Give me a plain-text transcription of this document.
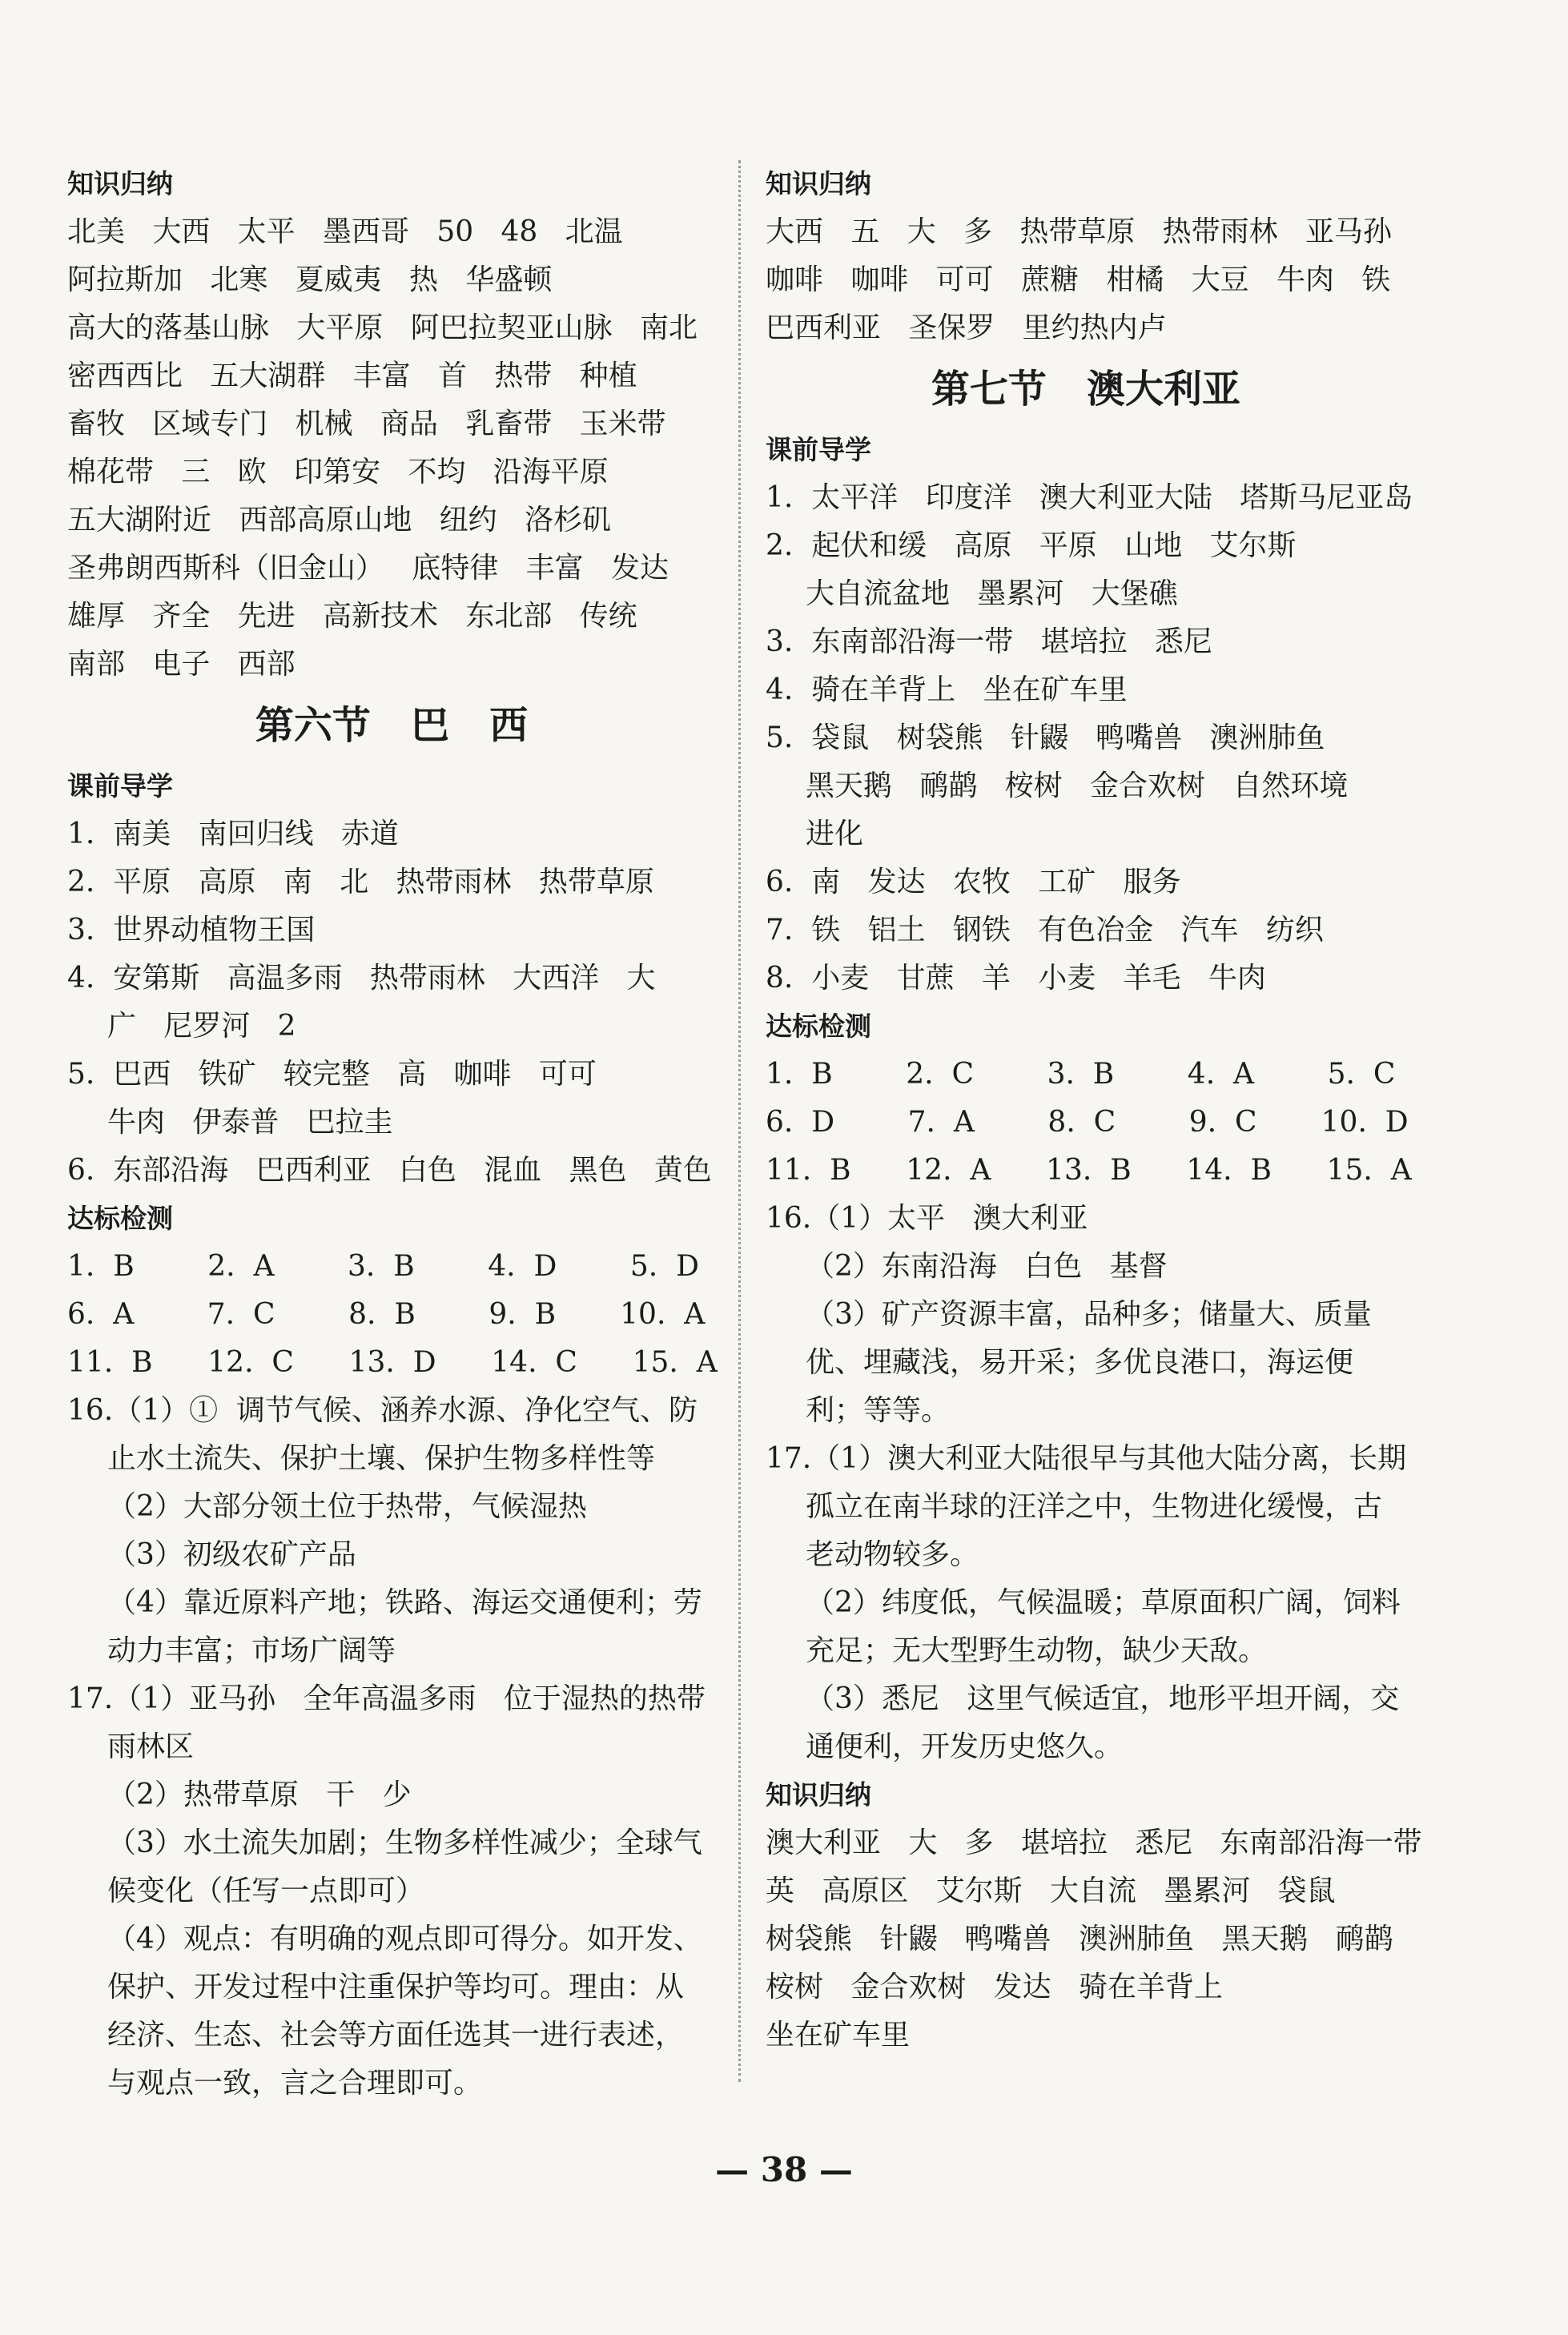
知识归纳
北美   大西   太平   墨西哥   50   48   北温
阿拉斯加   北寒   夏威夷   热   华盛顿
高大的落基山脉   大平原   阿巴拉契亚山脉   南北
密西西比   五大湖群   丰富   首   热带   种植
畜牧   区域专门   机械   商品   乳畜带   玉米带
棉花带   三   欧   印第安   不均   沿海平原
五大湖附近   西部高原山地   纽约   洛杉矶
圣弗朗西斯科（旧金山）   底特律   丰富   发达
雄厚   齐全   先进   高新技术   东北部   传统
南部   电子   西部
第六节   巴   西
课前导学
1.  南美   南回归线   赤道
2.  平原   高原   南   北   热带雨林   热带草原
3.  世界动植物王国
4.  安第斯   高温多雨   热带雨林   大西洋   大
广   尼罗河   2
5.  巴西   铁矿   较完整   高   咖啡   可可
牛肉   伊泰普   巴拉圭
6.  东部沿海   巴西利亚   白色   混血   黑色   黄色
达标检测
1.  B        2.  A        3.  B        4.  D        5.  D
6.  A        7.  C        8.  B        9.  B       10.  A
11.  B      12.  C      13.  D      14.  C      15.  A
16.（1）①  调节气候、涵养水源、净化空气、防
止水土流失、保护土壤、保护生物多样性等
（2）大部分领土位于热带，气候湿热
（3）初级农矿产品
（4）靠近原料产地；铁路、海运交通便利；劳
动力丰富；市场广阔等
17.（1）亚马孙   全年高温多雨   位于湿热的热带
雨林区
（2）热带草原   干   少
（3）水土流失加剧；生物多样性减少；全球气
候变化（任写一点即可）
（4）观点：有明确的观点即可得分。如开发、
保护、开发过程中注重保护等均可。理由：从
经济、生态、社会等方面任选其一进行表述，
与观点一致，言之合理即可。
知识归纳
大西   五   大   多   热带草原   热带雨林   亚马孙
咖啡   咖啡   可可   蔗糖   柑橘   大豆   牛肉   铁
巴西利亚   圣保罗   里约热内卢
第七节   澳大利亚
课前导学
1.  太平洋   印度洋   澳大利亚大陆   塔斯马尼亚岛
2.  起伏和缓   高原   平原   山地   艾尔斯
大自流盆地   墨累河   大堡礁
3.  东南部沿海一带   堪培拉   悉尼
4.  骑在羊背上   坐在矿车里
5.  袋鼠   树袋熊   针鼹   鸭嘴兽   澳洲肺鱼
黑天鹅   鸸鹋   桉树   金合欢树   自然环境
进化
6.  南   发达   农牧   工矿   服务
7.  铁   铝土   钢铁   有色冶金   汽车   纺织
8.  小麦   甘蔗   羊   小麦   羊毛   牛肉
达标检测
1.  B        2.  C        3.  B        4.  A        5.  C
6.  D        7.  A        8.  C        9.  C       10.  D
11.  B      12.  A      13.  B      14.  B      15.  A
16.（1）太平   澳大利亚
（2）东南沿海   白色   基督
（3）矿产资源丰富，品种多；储量大、质量
优、埋藏浅，易开采；多优良港口，海运便
利；等等。
17.（1）澳大利亚大陆很早与其他大陆分离，长期
孤立在南半球的汪洋之中，生物进化缓慢，古
老动物较多。
（2）纬度低，气候温暖；草原面积广阔，饲料
充足；无大型野生动物，缺少天敌。
（3）悉尼   这里气候适宜，地形平坦开阔，交
通便利，开发历史悠久。
知识归纳
澳大利亚   大   多   堪培拉   悉尼   东南部沿海一带
英   高原区   艾尔斯   大自流   墨累河   袋鼠
树袋熊   针鼹   鸭嘴兽   澳洲肺鱼   黑天鹅   鸸鹋
桉树   金合欢树   发达   骑在羊背上
坐在矿车里
— 38 —
